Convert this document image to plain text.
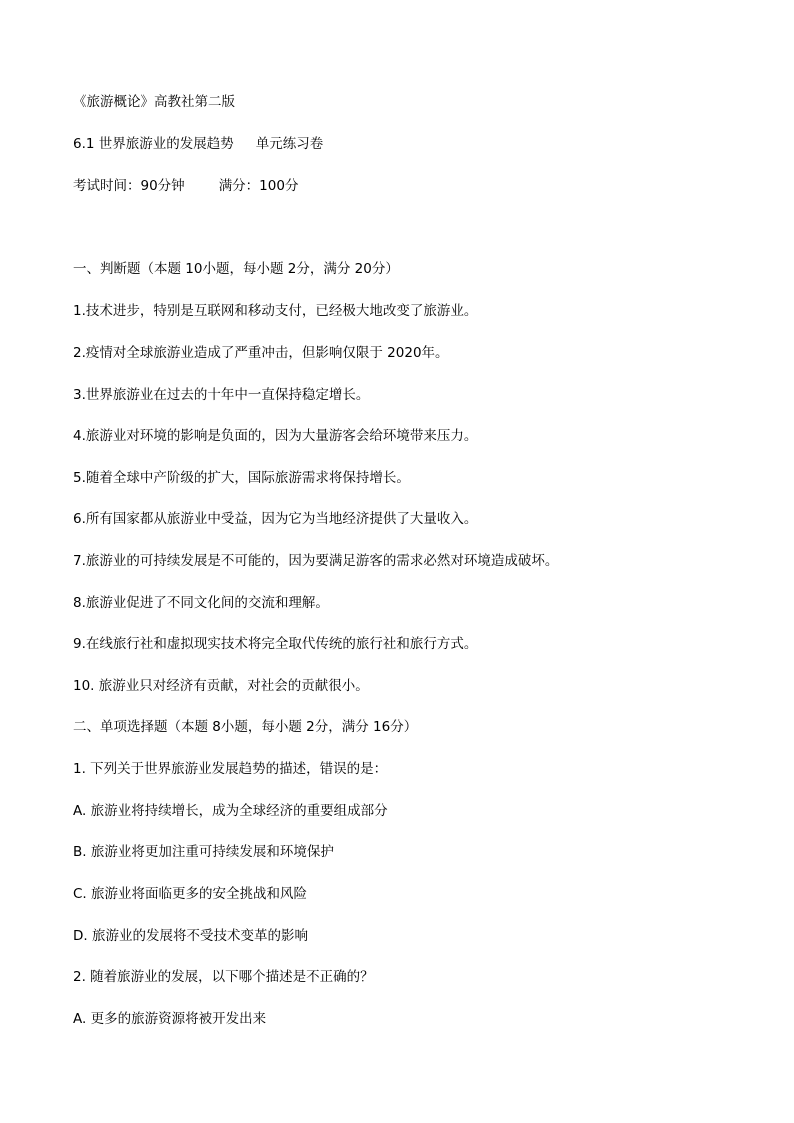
《旅游概论》高教社第二版
6.1 世界旅游业的发展趋势 单元练习卷
考试时间：90分钟	满分：100分
一、判断题（本题 10小题，每小题 2分，满分 20分）
1.技术进步，特别是互联网和移动支付，已经极大地改变了旅游业。
2.疫情对全球旅游业造成了严重冲击，但影响仅限于 2020年。
3.世界旅游业在过去的十年中一直保持稳定增长。
4.旅游业对环境的影响是负面的，因为大量游客会给环境带来压力。
5.随着全球中产阶级的扩大，国际旅游需求将保持增长。
6.所有国家都从旅游业中受益，因为它为当地经济提供了大量收入。
7.旅游业的可持续发展是不可能的，因为要满足游客的需求必然对环境造成破坏。
8.旅游业促进了不同文化间的交流和理解。
9.在线旅行社和虚拟现实技术将完全取代传统的旅行社和旅行方式。
10. 旅游业只对经济有贡献，对社会的贡献很小。
二、单项选择题（本题 8小题，每小题 2分，满分 16分）
1. 下列关于世界旅游业发展趋势的描述，错误的是：
A. 旅游业将持续增长，成为全球经济的重要组成部分
B. 旅游业将更加注重可持续发展和环境保护
C. 旅游业将面临更多的安全挑战和风险
D. 旅游业的发展将不受技术变革的影响
2. 随着旅游业的发展，以下哪个描述是不正确的？
A. 更多的旅游资源将被开发出来
